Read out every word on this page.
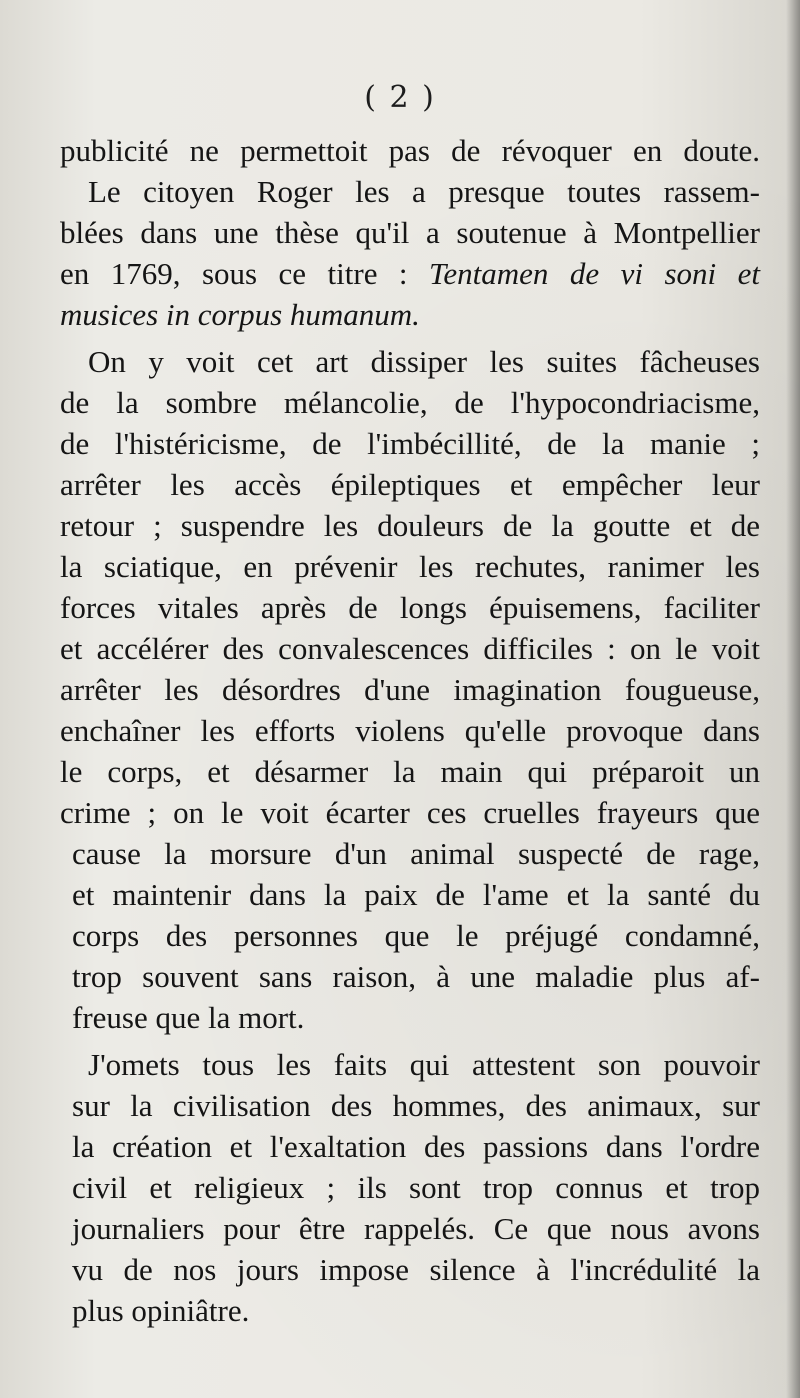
( 2 )
publicité ne permettoit pas de révoquer en doute.
Le citoyen Roger les a presque toutes rassem-
blées dans une thèse qu'il a soutenue à Montpellier
en 1769, sous ce titre : Tentamen de vi soni et
musices in corpus humanum.
On y voit cet art dissiper les suites fâcheuses
de la sombre mélancolie, de l'hypocondriacisme,
de l'histéricisme, de l'imbécillité, de la manie ;
arrêter les accès épileptiques et empêcher leur
retour ; suspendre les douleurs de la goutte et de
la sciatique, en prévenir les rechutes, ranimer les
forces vitales après de longs épuisemens, faciliter
et accélérer des convalescences difficiles : on le voit
arrêter les désordres d'une imagination fougueuse,
enchaîner les efforts violens qu'elle provoque dans
le corps, et désarmer la main qui préparoit un
crime ; on le voit écarter ces cruelles frayeurs que
cause la morsure d'un animal suspecté de rage,
et maintenir dans la paix de l'ame et la santé du
corps des personnes que le préjugé condamné,
trop souvent sans raison, à une maladie plus af-
freuse que la mort.
J'omets tous les faits qui attestent son pouvoir
sur la civilisation des hommes, des animaux, sur
la création et l'exaltation des passions dans l'ordre
civil et religieux ; ils sont trop connus et trop
journaliers pour être rappelés. Ce que nous avons
vu de nos jours impose silence à l'incrédulité la
plus opiniâtre.
